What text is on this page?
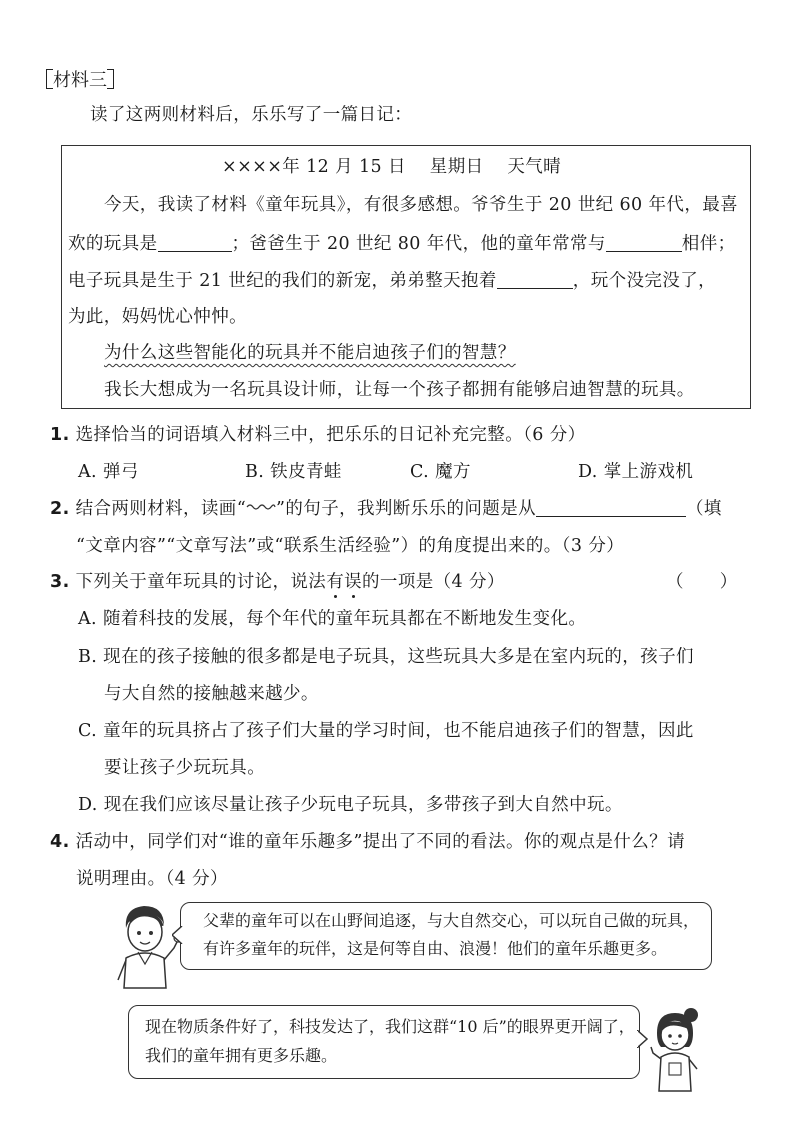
材料三
读了这两则材料后，乐乐写了一篇日记：
××××年 12 月 15 日　 星期日　 天气晴
今天，我读了材料《童年玩具》，有很多感想。爷爷生于 20 世纪 60 年代，最喜
欢的玩具是	；爸爸生于 20 世纪 80 年代，他的童年常常与	相伴；
电子玩具是生于 21 世纪的我们的新宠，弟弟整天抱着	，玩个没完没了，
为此，妈妈忧心忡忡。
为什么这些智能化的玩具并不能启迪孩子们的智慧？
我长大想成为一名玩具设计师，让每一个孩子都拥有能够启迪智慧的玩具。
1. 选择恰当的词语填入材料三中，把乐乐的日记补充完整。（6 分）
A. 弹弓	B. 铁皮青蛙	C. 魔方	D. 掌上游戏机
2. 结合两则材料，读画“ ”的句子，我判断乐乐的问题是从	（填
“文章内容”“文章写法”或“联系生活经验”）的角度提出来的。（3 分）
3. 下列关于童年玩具的讨论，说法有误的一项是（4 分）	（　　）
A. 随着科技的发展，每个年代的童年玩具都在不断地发生变化。
B. 现在的孩子接触的很多都是电子玩具，这些玩具大多是在室内玩的，孩子们
与大自然的接触越来越少。
C. 童年的玩具挤占了孩子们大量的学习时间，也不能启迪孩子们的智慧，因此
要让孩子少玩玩具。
D. 现在我们应该尽量让孩子少玩电子玩具，多带孩子到大自然中玩。
4. 活动中，同学们对“谁的童年乐趣多”提出了不同的看法。你的观点是什么？请
说明理由。（4 分）
父辈的童年可以在山野间追逐，与大自然交心，可以玩自己做的玩具，
有许多童年的玩伴，这是何等自由、浪漫！他们的童年乐趣更多。
现在物质条件好了，科技发达了，我们这群“10 后”的眼界更开阔了，
我们的童年拥有更多乐趣。
